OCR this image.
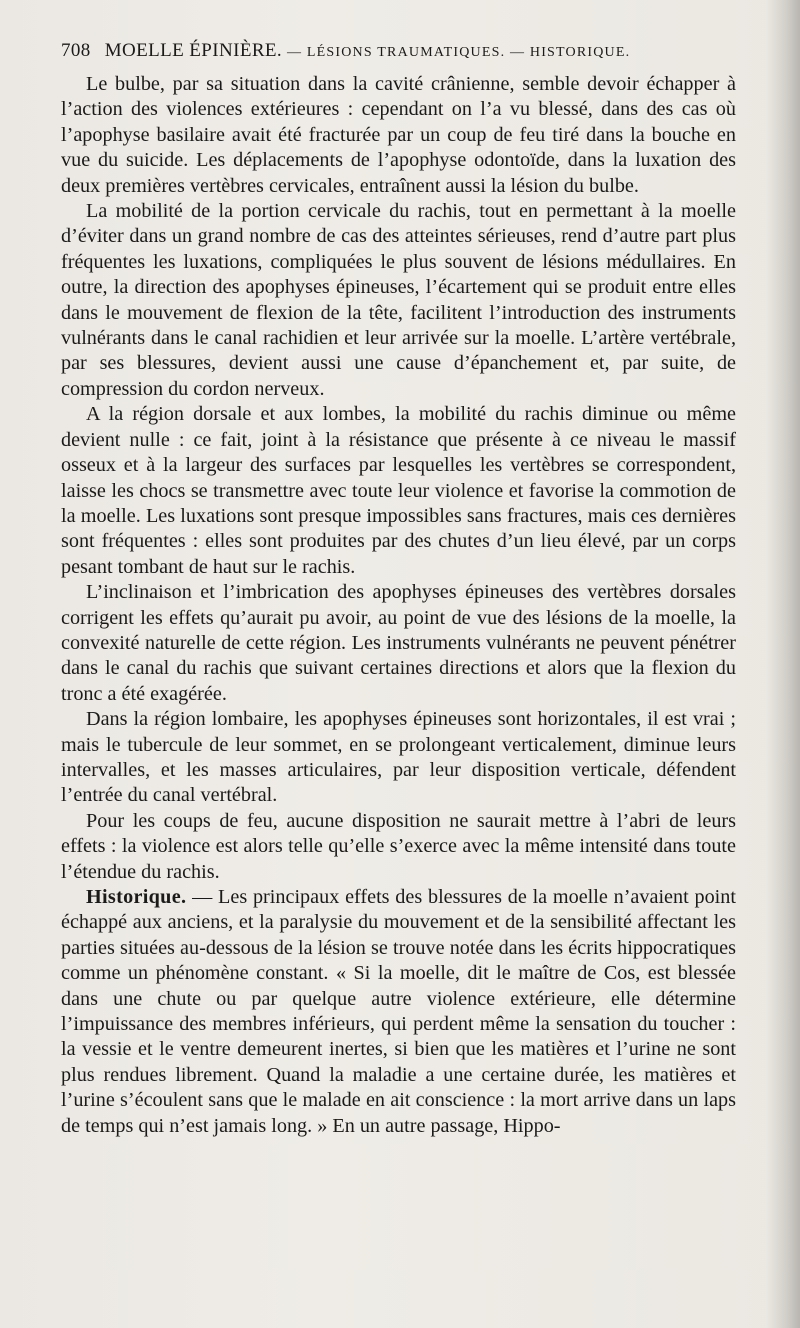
708 MOELLE ÉPINIÈRE. — LÉSIONS TRAUMATIQUES. — HISTORIQUE.

Le bulbe, par sa situation dans la cavité crânienne, semble devoir échapper à l’action des violences extérieures : cependant on l’a vu blessé, dans des cas où l’apophyse basilaire avait été fracturée par un coup de feu tiré dans la bouche en vue du suicide. Les déplacements de l’apophyse odontoïde, dans la luxation des deux premières vertèbres cervicales, entraînent aussi la lésion du bulbe.

La mobilité de la portion cervicale du rachis, tout en permettant à la moelle d’éviter dans un grand nombre de cas des atteintes sérieuses, rend d’autre part plus fréquentes les luxations, compliquées le plus souvent de lésions médullaires. En outre, la direction des apophyses épineuses, l’écartement qui se produit entre elles dans le mouvement de flexion de la tête, facilitent l’introduction des instruments vulnérants dans le canal rachidien et leur arrivée sur la moelle. L’artère vertébrale, par ses blessures, devient aussi une cause d’épanchement et, par suite, de compression du cordon nerveux.

A la région dorsale et aux lombes, la mobilité du rachis diminue ou même devient nulle : ce fait, joint à la résistance que présente à ce niveau le massif osseux et à la largeur des surfaces par lesquelles les vertèbres se correspondent, laisse les chocs se transmettre avec toute leur violence et favorise la commotion de la moelle. Les luxations sont presque impossibles sans fractures, mais ces dernières sont fréquentes : elles sont produites par des chutes d’un lieu élevé, par un corps pesant tombant de haut sur le rachis.

L’inclinaison et l’imbrication des apophyses épineuses des vertèbres dorsales corrigent les effets qu’aurait pu avoir, au point de vue des lésions de la moelle, la convexité naturelle de cette région. Les instruments vulnérants ne peuvent pénétrer dans le canal du rachis que suivant certaines directions et alors que la flexion du tronc a été exagérée.

Dans la région lombaire, les apophyses épineuses sont horizontales, il est vrai ; mais le tubercule de leur sommet, en se prolongeant verticalement, diminue leurs intervalles, et les masses articulaires, par leur disposition verticale, défendent l’entrée du canal vertébral.

Pour les coups de feu, aucune disposition ne saurait mettre à l’abri de leurs effets : la violence est alors telle qu’elle s’exerce avec la même intensité dans toute l’étendue du rachis.

Historique. — Les principaux effets des blessures de la moelle n’avaient point échappé aux anciens, et la paralysie du mouvement et de la sensibilité affectant les parties situées au-dessous de la lésion se trouve notée dans les écrits hippocratiques comme un phénomène constant. « Si la moelle, dit le maître de Cos, est blessée dans une chute ou par quelque autre violence extérieure, elle détermine l’impuissance des membres inférieurs, qui perdent même la sensation du toucher : la vessie et le ventre demeurent inertes, si bien que les matières et l’urine ne sont plus rendues librement. Quand la maladie a une certaine durée, les matières et l’urine s’écoulent sans que le malade en ait conscience : la mort arrive dans un laps de temps qui n’est jamais long. » En un autre passage, Hippo-
